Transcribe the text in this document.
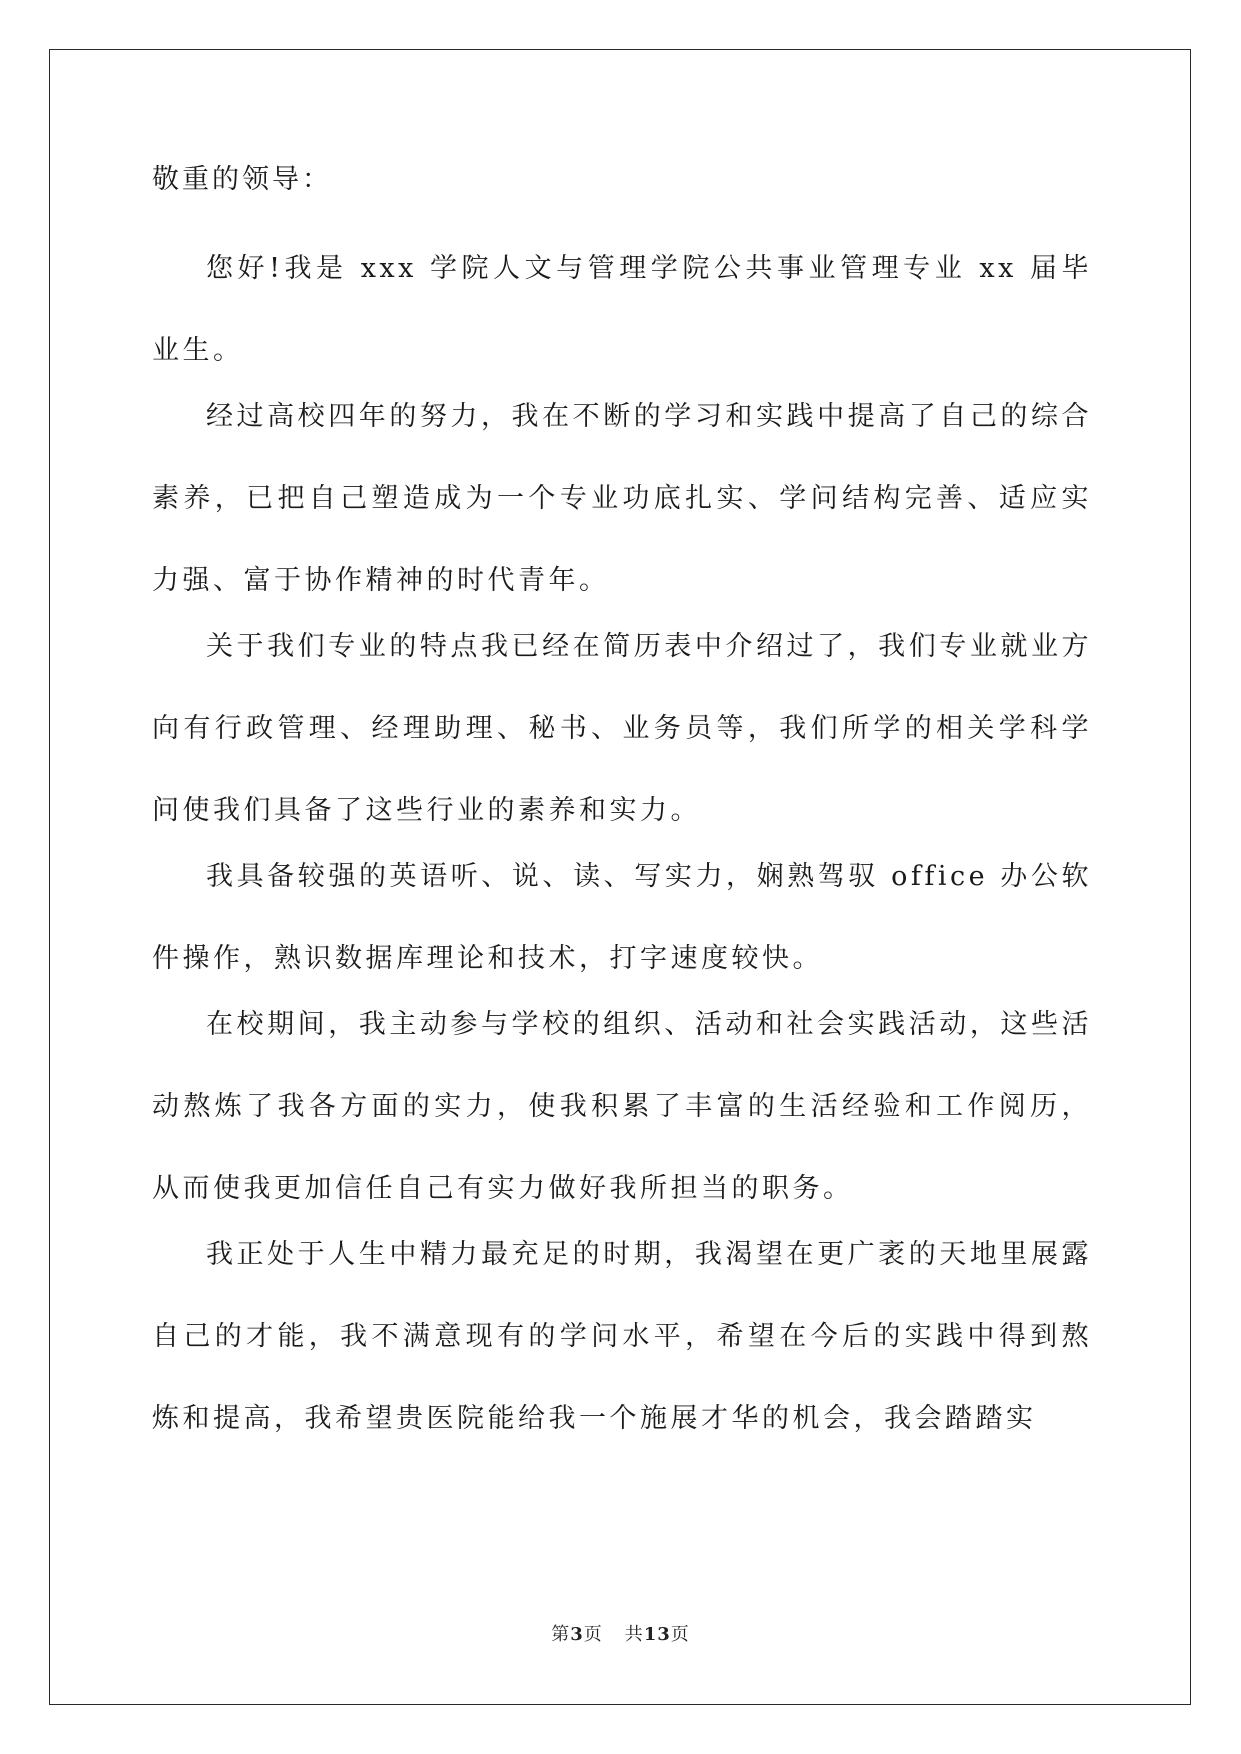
敬重的领导：

您好!我是 xxx 学院人文与管理学院公共事业管理专业 xx 届毕业生。

经过高校四年的努力，我在不断的学习和实践中提高了自己的综合素养，已把自己塑造成为一个专业功底扎实、学问结构完善、适应实力强、富于协作精神的时代青年。

关于我们专业的特点我已经在简历表中介绍过了，我们专业就业方向有行政管理、经理助理、秘书、业务员等，我们所学的相关学科学问使我们具备了这些行业的素养和实力。

我具备较强的英语听、说、读、写实力，娴熟驾驭 office 办公软件操作，熟识数据库理论和技术，打字速度较快。

在校期间，我主动参与学校的组织、活动和社会实践活动，这些活动熬炼了我各方面的实力，使我积累了丰富的生活经验和工作阅历，从而使我更加信任自己有实力做好我所担当的职务。

我正处于人生中精力最充足的时期，我渴望在更广袤的天地里展露自己的才能，我不满意现有的学问水平，希望在今后的实践中得到熬炼和提高，我希望贵医院能给我一个施展才华的机会，我会踏踏实

第3页 共13页
